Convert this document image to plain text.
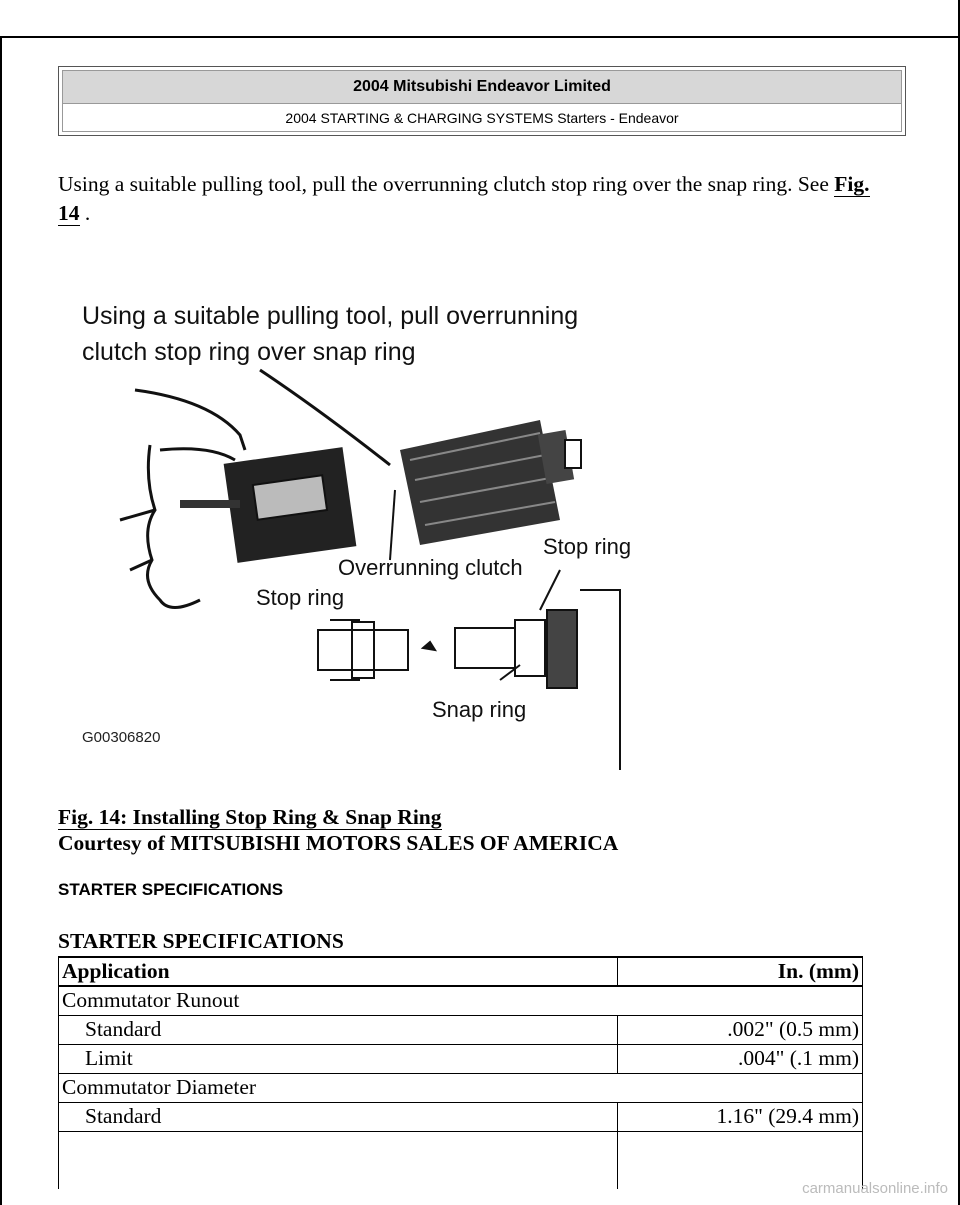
2004 Mitsubishi Endeavor Limited
2004 STARTING & CHARGING SYSTEMS Starters - Endeavor
Using a suitable pulling tool, pull the overrunning clutch stop ring over the snap ring. See Fig. 14 .
Using a suitable pulling tool, pull overrunning
clutch stop ring over snap ring
Overrunning clutch
Stop ring
Stop ring
Snap ring
G00306820
Fig. 14: Installing Stop Ring & Snap Ring
Courtesy of MITSUBISHI MOTORS SALES OF AMERICA
STARTER SPECIFICATIONS
STARTER SPECIFICATIONS
Application	In. (mm)
Commutator Runout	
Standard	.002" (0.5 mm)
Limit	.004" (.1 mm)
Commutator Diameter	
Standard	1.16" (29.4 mm)

carmanualsonline.info
